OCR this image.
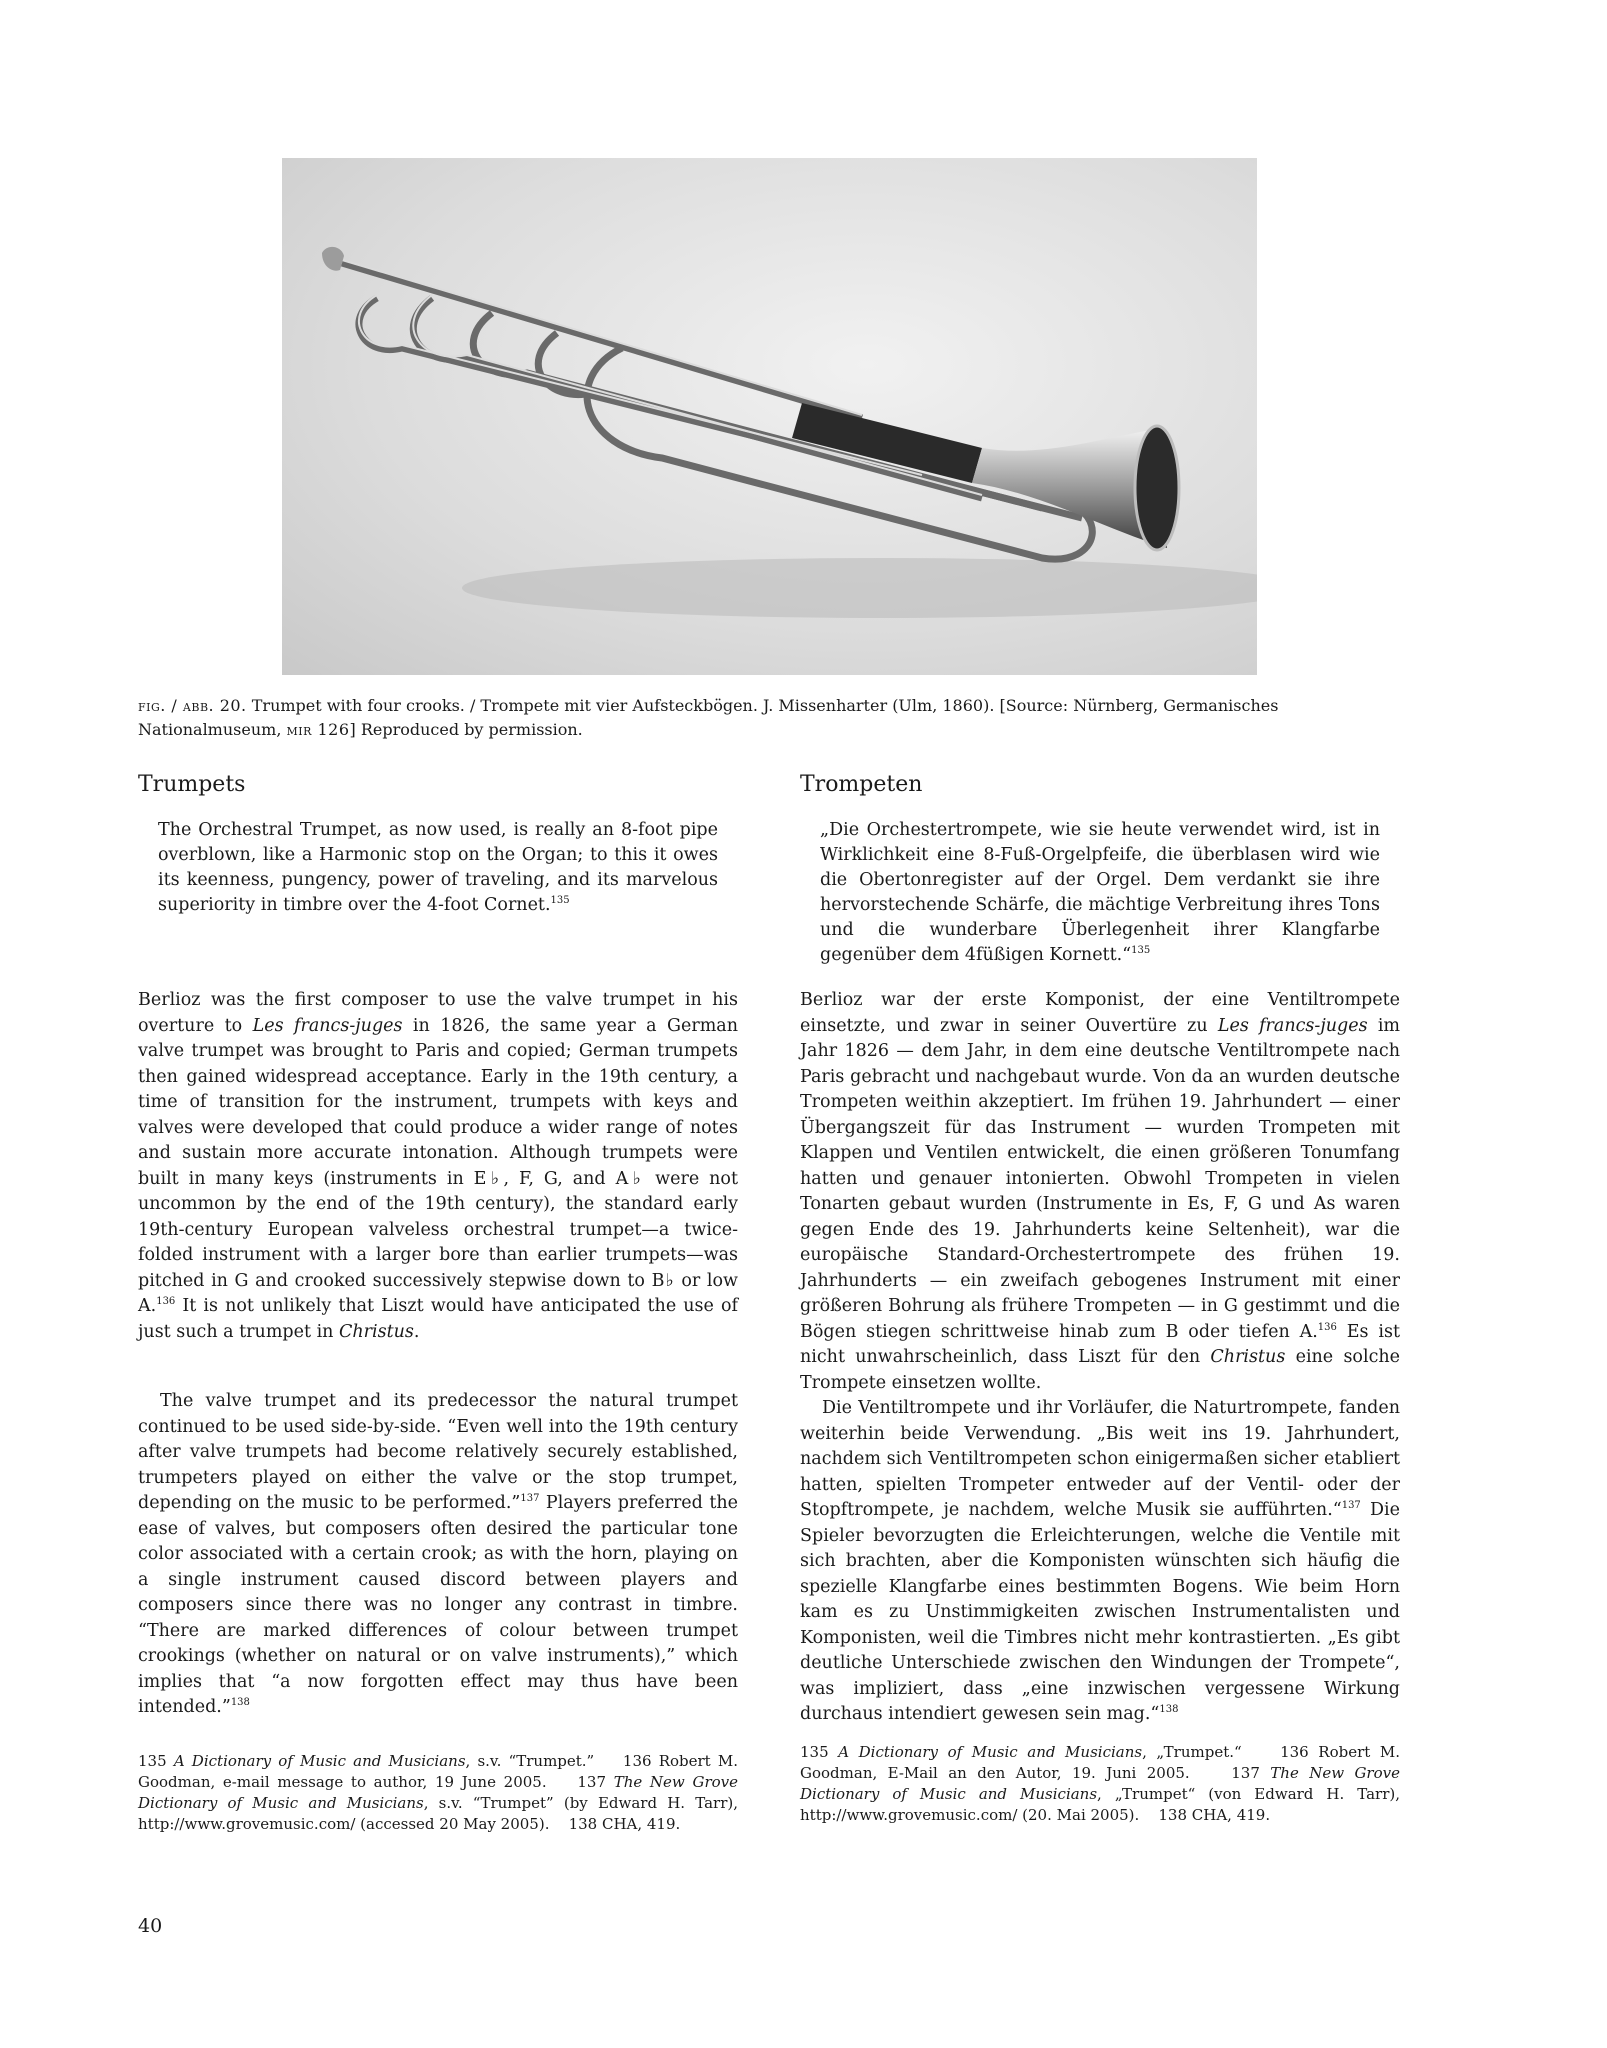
fig. / abb. 20. Trumpet with four crooks. / Trompete mit vier Aufsteckbögen. J. Missenharter (Ulm, 1860). [Source: Nürnberg, Germanisches Nationalmuseum, mir 126] Reproduced by permission.

Trumpets

The Orchestral Trumpet, as now used, is really an 8-foot pipe overblown, like a Harmonic stop on the Organ; to this it owes its keenness, pungency, power of traveling, and its marvelous superiority in timbre over the 4-foot Cornet.$^{135}$

Berlioz was the first composer to use the valve trumpet in his overture to Les francs-juges in 1826, the same year a German valve trumpet was brought to Paris and copied; German trumpets then gained widespread acceptance. Early in the 19th century, a time of transition for the instrument, trumpets with keys and valves were developed that could produce a wider range of notes and sustain more accurate intonation. Although trumpets were built in many keys (instruments in E♭, F, G, and A♭ were not uncommon by the end of the 19th century), the standard early 19th-century European valveless orchestral trumpet—a twice-folded instrument with a larger bore than earlier trumpets—was pitched in G and crooked successively stepwise down to B♭ or low A.$^{136}$ It is not unlikely that Liszt would have anticipated the use of just such a trumpet in Christus.

The valve trumpet and its predecessor the natural trumpet continued to be used side-by-side. “Even well into the 19th century after valve trumpets had become relatively securely established, trumpeters played on either the valve or the stop trumpet, depending on the music to be performed.”$^{137}$ Players preferred the ease of valves, but composers often desired the particular tone color associated with a certain crook; as with the horn, playing on a single instrument caused discord between players and composers since there was no longer any contrast in timbre. “There are marked differences of colour between trumpet crookings (whether on natural or on valve instruments),” which implies that “a now forgotten effect may thus have been intended.”$^{138}$

135 A Dictionary of Music and Musicians, s.v. “Trumpet.” 136 Robert M. Goodman, e-mail message to author, 19 June 2005. 137 The New Grove Dictionary of Music and Musicians, s.v. “Trumpet” (by Edward H. Tarr), http://www.grovemusic.com/ (accessed 20 May 2005). 138 CHA, 419.

Trompeten

„Die Orchestertrompete, wie sie heute verwendet wird, ist in Wirklichkeit eine 8-Fuß-Orgelpfeife, die überblasen wird wie die Obertonregister auf der Orgel. Dem verdankt sie ihre hervorstechende Schärfe, die mächtige Verbreitung ihres Tons und die wunderbare Überlegenheit ihrer Klangfarbe gegenüber dem 4füßigen Kornett.“$^{135}$

Berlioz war der erste Komponist, der eine Ventiltrompete einsetzte, und zwar in seiner Ouvertüre zu Les francs-juges im Jahr 1826 — dem Jahr, in dem eine deutsche Ventiltrompete nach Paris gebracht und nachgebaut wurde. Von da an wurden deutsche Trompeten weithin akzeptiert. Im frühen 19. Jahrhundert — einer Übergangszeit für das Instrument — wurden Trompeten mit Klappen und Ventilen entwickelt, die einen größeren Tonumfang hatten und genauer intonierten. Obwohl Trompeten in vielen Tonarten gebaut wurden (Instrumente in Es, F, G und As waren gegen Ende des 19. Jahrhunderts keine Seltenheit), war die europäische Standard-Orchestertrompete des frühen 19. Jahrhunderts — ein zweifach gebogenes Instrument mit einer größeren Bohrung als frühere Trompeten — in G gestimmt und die Bögen stiegen schrittweise hinab zum B oder tiefen A.$^{136}$ Es ist nicht unwahrscheinlich, dass Liszt für den Christus eine solche Trompete einsetzen wollte.

Die Ventiltrompete und ihr Vorläufer, die Naturtrompete, fanden weiterhin beide Verwendung. „Bis weit ins 19. Jahrhundert, nachdem sich Ventiltrompeten schon einigermaßen sicher etabliert hatten, spielten Trompeter entweder auf der Ventil- oder der Stopftrompete, je nachdem, welche Musik sie aufführten.“$^{137}$ Die Spieler bevorzugten die Erleichterungen, welche die Ventile mit sich brachten, aber die Komponisten wünschten sich häufig die spezielle Klangfarbe eines bestimmten Bogens. Wie beim Horn kam es zu Unstimmigkeiten zwischen Instrumentalisten und Komponisten, weil die Timbres nicht mehr kontrastierten. „Es gibt deutliche Unterschiede zwischen den Windungen der Trompete“, was impliziert, dass „eine inzwischen vergessene Wirkung durchaus intendiert gewesen sein mag.“$^{138}$

135 A Dictionary of Music and Musicians, „Trumpet.“	136 Robert M. Goodman, E-Mail an den Autor, 19. Juni 2005.	137 The New Grove Dictionary of Music and Musicians, „Trumpet“ (von Edward H. Tarr), http://www.grovemusic.com/ (20. Mai 2005). 138 CHA, 419.

40
